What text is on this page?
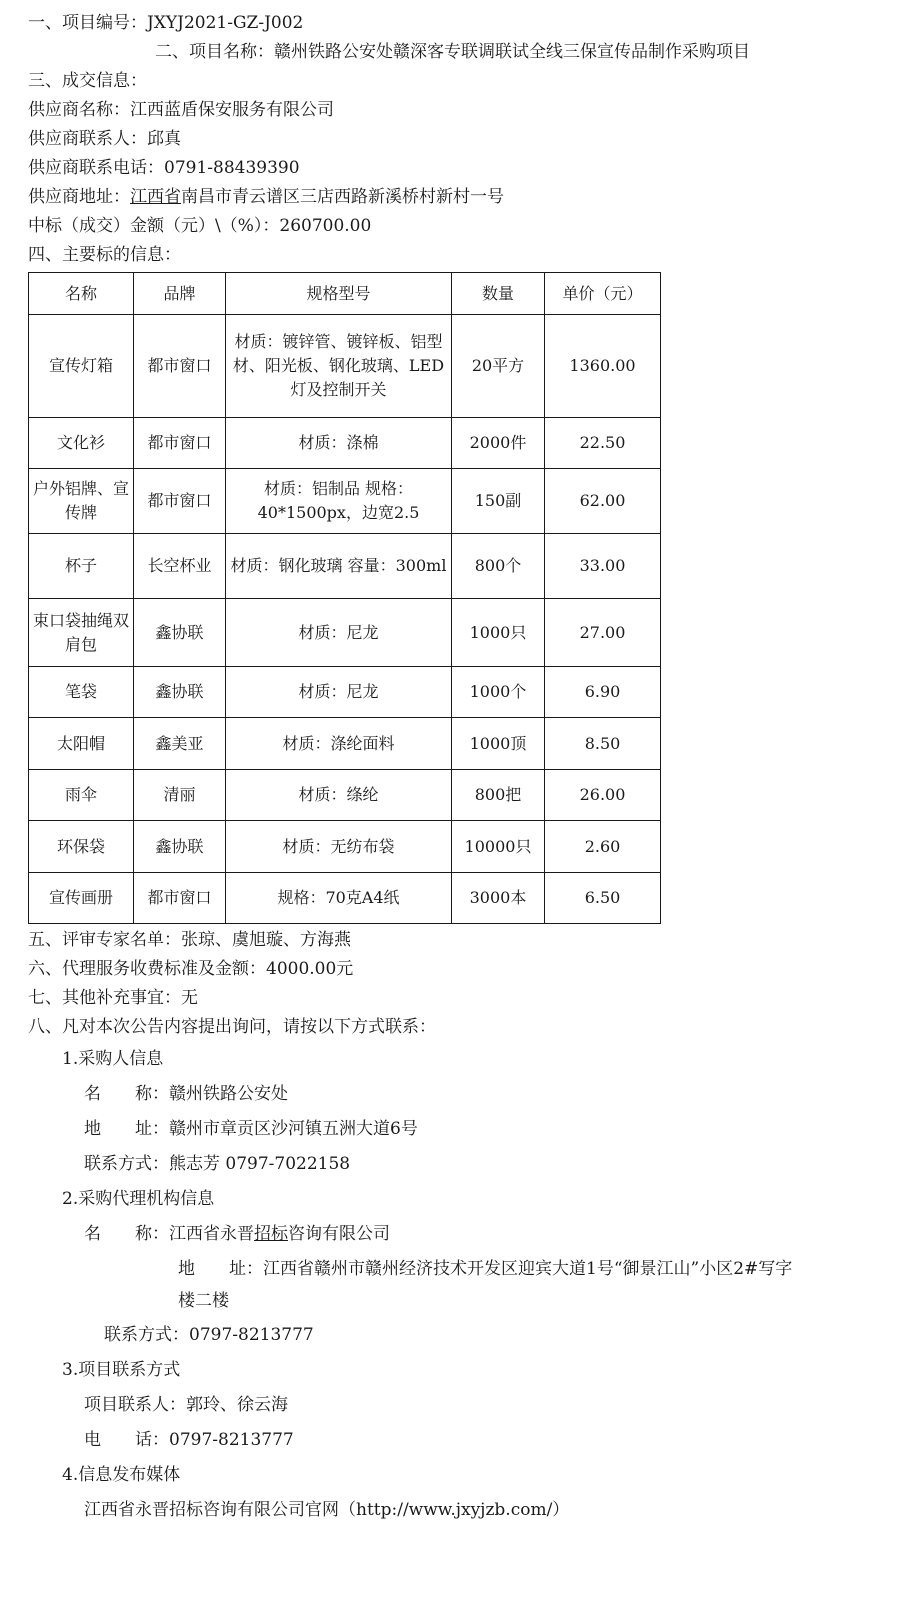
一、项目编号：JXYJ2021-GZ-J002
二、项目名称：赣州铁路公安处赣深客专联调联试全线三保宣传品制作采购项目
三、成交信息：
供应商名称：江西蓝盾保安服务有限公司
供应商联系人：邱真
供应商联系电话：0791-88439390
供应商地址：江西省南昌市青云谱区三店西路新溪桥村新村一号
中标（成交）金额（元）\（%）：260700.00
四、主要标的信息：
名称	品牌	规格型号	数量	单价（元）
宣传灯箱	都市窗口	材质：镀锌管、镀锌板、铝型材、阳光板、钢化玻璃、LED灯及控制开关	20平方	1360.00
文化衫	都市窗口	材质：涤棉	2000件	22.50
户外铝牌、宣传牌	都市窗口	材质：铝制品 规格：40*1500px，边宽2.5	150副	62.00
杯子	长空杯业	材质：钢化玻璃 容量：300ml	800个	33.00
束口袋抽绳双肩包	鑫协联	材质：尼龙	1000只	27.00
笔袋	鑫协联	材质：尼龙	1000个	6.90
太阳帽	鑫美亚	材质：涤纶面料	1000顶	8.50
雨伞	清丽	材质：绦纶	800把	26.00
环保袋	鑫协联	材质：无纺布袋	10000只	2.60
宣传画册	都市窗口	规格：70克A4纸	3000本	6.50
五、评审专家名单：张琼、虞旭璇、方海燕
六、代理服务收费标准及金额：4000.00元
七、其他补充事宜：无
八、凡对本次公告内容提出询问，请按以下方式联系：
1.采购人信息
名　　称：赣州铁路公安处
地　　址：赣州市章贡区沙河镇五洲大道6号
联系方式：熊志芳 0797-7022158
2.采购代理机构信息
名　　称：江西省永晋招标咨询有限公司
地　　址：江西省赣州市赣州经济技术开发区迎宾大道1号“御景江山”小区2#写字
楼二楼
联系方式：0797-8213777
3.项目联系方式
项目联系人：郭玲、徐云海
电　　话：0797-8213777
4.信息发布媒体
江西省永晋招标咨询有限公司官网（http://www.jxyjzb.com/）
